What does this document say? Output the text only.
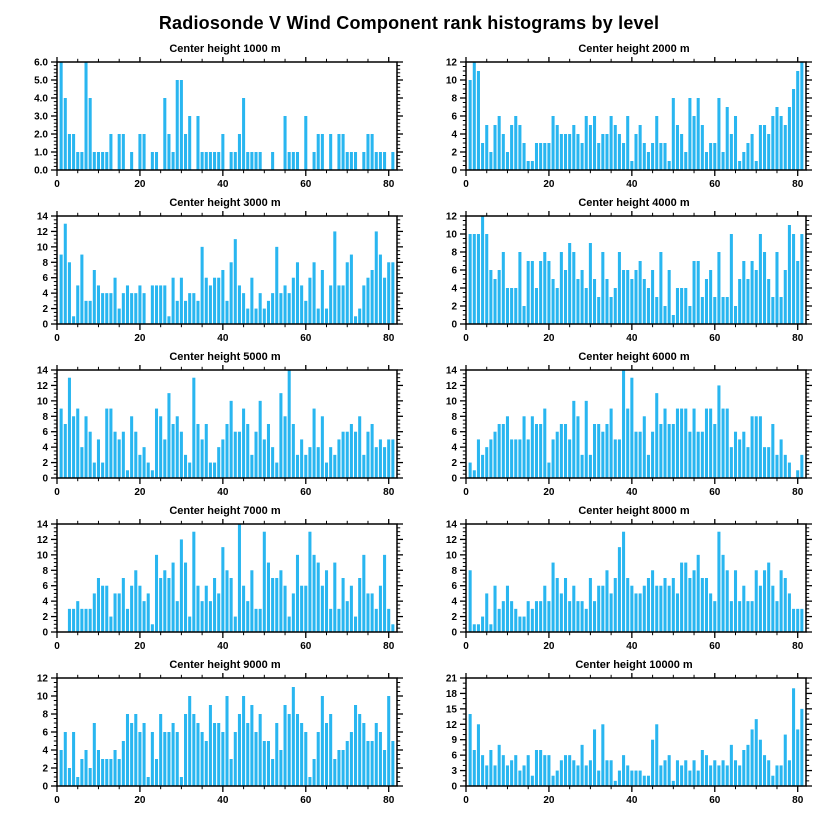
Radiosonde V Wind Component rank histograms by level
Center height 1000 m
0	20	40	60	80
0.0
1.0
2.0
3.0
4.0
5.0
6.0
Center height 2000 m
0	20	40	60	80
0
2
4
6
8
10
12
Center height 3000 m
0	20	40	60	80
0
2
4
6
8
10
12
14
Center height 4000 m
0	20	40	60	80
0
2
4
6
8
10
12
Center height 5000 m
0	20	40	60	80
0
2
4
6
8
10
12
14
Center height 6000 m
0	20	40	60	80
0
2
4
6
8
10
12
14
Center height 7000 m
0	20	40	60	80
0
2
4
6
8
10
12
14
Center height 8000 m
0	20	40	60	80
0
2
4
6
8
10
12
14
Center height 9000 m
0	20	40	60	80
0
2
4
6
8
10
12
Center height 10000 m
0	20	40	60	80
0
3
6
9
12
15
18
21
